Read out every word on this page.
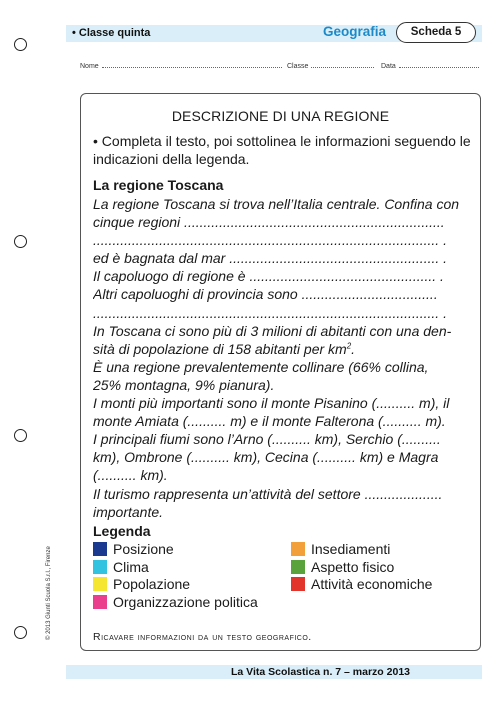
• Classe quinta	Geografia	Scheda 5
Nome	Classe	Data
© 2013 Giunti Scuola S.r.l., Firenze
DESCRIZIONE DI UNA REGIONE
• Completa il testo, poi sottolinea le informazioni seguendo le indicazioni della legenda.
La regione Toscana
La regione Toscana si trova nell’Italia centrale. Confina con
cinque regioni ...................................................................
......................................................................................... .
ed è bagnata dal mar ...................................................... .
Il capoluogo di regione è ................................................ .
Altri capoluoghi di provincia sono ...................................
......................................................................................... .
In Toscana ci sono più di 3 milioni di abitanti con una den-
sità di popolazione di 158 abitanti per $km^2$.
È una regione prevalentemente collinare (66% collina,
25% montagna, 9% pianura).
I monti più importanti sono il monte Pisanino (.......... m), il
monte Amiata (.......... m) e il monte Falterona (.......... m).
I principali fiumi sono l’Arno (.......... km), Serchio (..........
km), Ombrone (.......... km), Cecina (.......... km) e Magra
(.......... km).
Il turismo rappresenta un’attività del settore ....................
importante.
Legenda
Posizione
Clima
Popolazione
Organizzazione politica
Insediamenti
Aspetto fisico
Attività economiche
Ricavare informazioni da un testo geografico.
La Vita Scolastica n. 7 – marzo 2013
